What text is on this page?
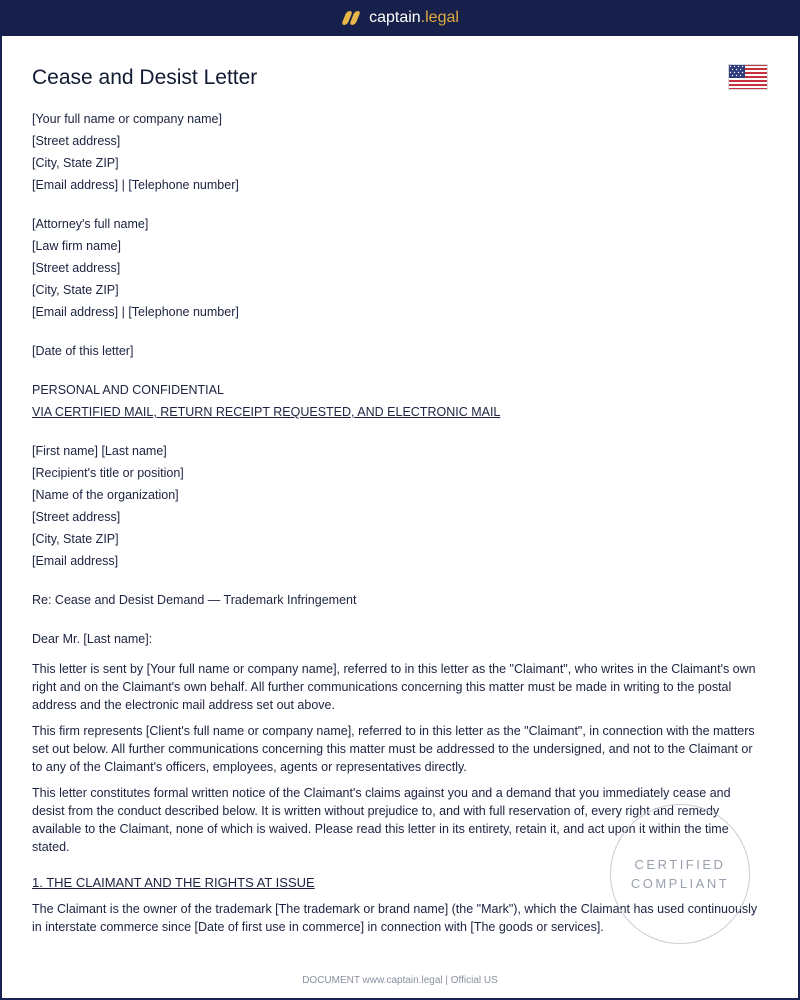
captain.legal
Cease and Desist Letter
[Your full name or company name]
[Street address]
[City, State ZIP]
[Email address] | [Telephone number]
[Attorney's full name]
[Law firm name]
[Street address]
[City, State ZIP]
[Email address] | [Telephone number]
[Date of this letter]
PERSONAL AND CONFIDENTIAL
VIA CERTIFIED MAIL, RETURN RECEIPT REQUESTED, AND ELECTRONIC MAIL
[First name] [Last name]
[Recipient's title or position]
[Name of the organization]
[Street address]
[City, State ZIP]
[Email address]
Re: Cease and Desist Demand — Trademark Infringement
Dear Mr. [Last name]:

This letter is sent by [Your full name or company name], referred to in this letter as the "Claimant", who writes in the Claimant's own right and on the Claimant's own behalf. All further communications concerning this matter must be made in writing to the postal address and the electronic mail address set out above.

This firm represents [Client's full name or company name], referred to in this letter as the "Claimant", in connection with the matters set out below. All further communications concerning this matter must be addressed to the undersigned, and not to the Claimant or to any of the Claimant's officers, employees, agents or representatives directly.

This letter constitutes formal written notice of the Claimant's claims against you and a demand that you immediately cease and desist from the conduct described below. It is written without prejudice to, and with full reservation of, every right and remedy available to the Claimant, none of which is waived. Please read this letter in its entirety, retain it, and act upon it within the time stated.

1. THE CLAIMANT AND THE RIGHTS AT ISSUE

The Claimant is the owner of the trademark [The trademark or brand name] (the "Mark"), which the Claimant has used continuously in interstate commerce since [Date of first use in commerce] in connection with [The goods or services].

CERTIFIED
COMPLIANT
DOCUMENT www.captain.legal | Official US
